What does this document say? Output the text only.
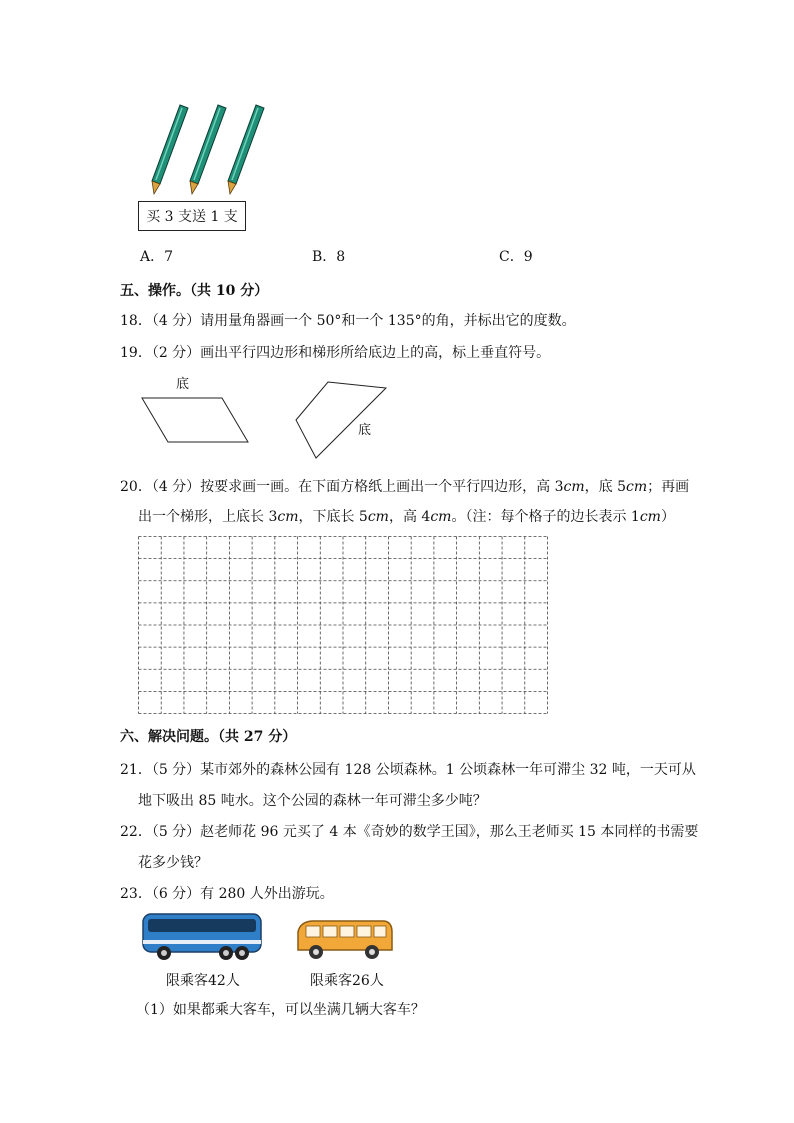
买 3 支送 1 支
A．7	B．8	C．9
五、操作。（共 10 分）
18．（4 分）请用量角器画一个 50°和一个 135°的角，并标出它的度数。
19．（2 分）画出平行四边形和梯形所给底边上的高，标上垂直符号。
底
底
20．（4 分）按要求画一画。在下面方格纸上画出一个平行四边形，高 3cm，底 5cm；再画
出一个梯形，上底长 3cm，下底长 5cm，高 4cm。（注：每个格子的边长表示 1cm）
六、解决问题。（共 27 分）
21．（5 分）某市郊外的森林公园有 128 公顷森林。1 公顷森林一年可滞尘 32 吨，一天可从
地下吸出 85 吨水。这个公园的森林一年可滞尘多少吨？
22．（5 分）赵老师花 96 元买了 4 本《奇妙的数学王国》，那么王老师买 15 本同样的书需要
花多少钱？
23．（6 分）有 280 人外出游玩。
限乘客42人	限乘客26人
（1）如果都乘大客车，可以坐满几辆大客车？
